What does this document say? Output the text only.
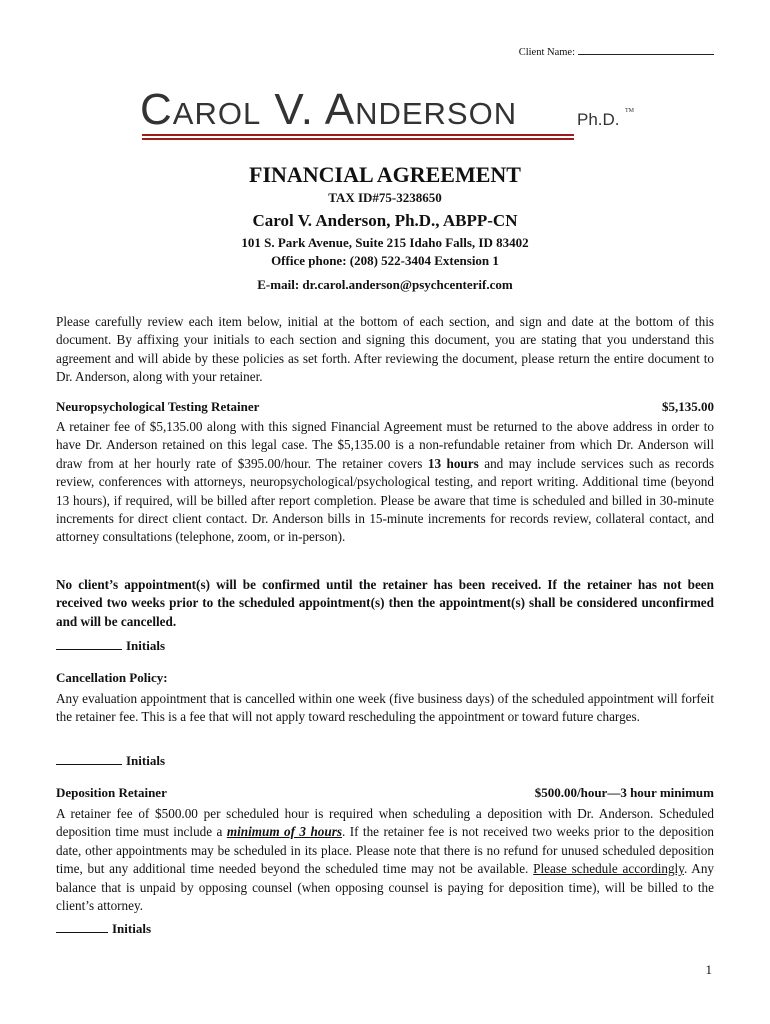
Client Name:
Carol V. Anderson	Ph.D. TM
FINANCIAL AGREEMENT
TAX ID#75-3238650
Carol V. Anderson, Ph.D., ABPP-CN
101 S. Park Avenue, Suite 215 Idaho Falls, ID 83402
Office phone: (208) 522-3404 Extension 1
E-mail: dr.carol.anderson@psychcenterif.com
Please carefully review each item below, initial at the bottom of each section, and sign and date at the bottom of this document. By affixing your initials to each section and signing this document, you are stating that you understand this agreement and will abide by these policies as set forth. After reviewing the document, please return the entire document to Dr. Anderson, along with your retainer.
Neuropsychological Testing Retainer	$5,135.00
A retainer fee of $5,135.00 along with this signed Financial Agreement must be returned to the above address in order to have Dr. Anderson retained on this legal case. The $5,135.00 is a non-refundable retainer from which Dr. Anderson will draw from at her hourly rate of $395.00/hour. The retainer covers 13 hours and may include services such as records review, conferences with attorneys, neuropsychological/psychological testing, and report writing. Additional time (beyond 13 hours), if required, will be billed after report completion. Please be aware that time is scheduled and billed in 30-minute increments for direct client contact. Dr. Anderson bills in 15-minute increments for records review, collateral contact, and attorney consultations (telephone, zoom, or in-person).
No client’s appointment(s) will be confirmed until the retainer has been received. If the retainer has not been received two weeks prior to the scheduled appointment(s) then the appointment(s) shall be considered unconfirmed and will be cancelled.
Initials
Cancellation Policy:
Any evaluation appointment that is cancelled within one week (five business days) of the scheduled appointment will forfeit the retainer fee. This is a fee that will not apply toward rescheduling the appointment or toward future charges.
Initials
Deposition Retainer	$500.00/hour—3 hour minimum
A retainer fee of $500.00 per scheduled hour is required when scheduling a deposition with Dr. Anderson. Scheduled deposition time must include a minimum of 3 hours. If the retainer fee is not received two weeks prior to the deposition date, other appointments may be scheduled in its place. Please note that there is no refund for unused scheduled deposition time, but any additional time needed beyond the scheduled time may not be available. Please schedule accordingly. Any balance that is unpaid by opposing counsel (when opposing counsel is paying for deposition time), will be billed to the client’s attorney.
Initials
1
